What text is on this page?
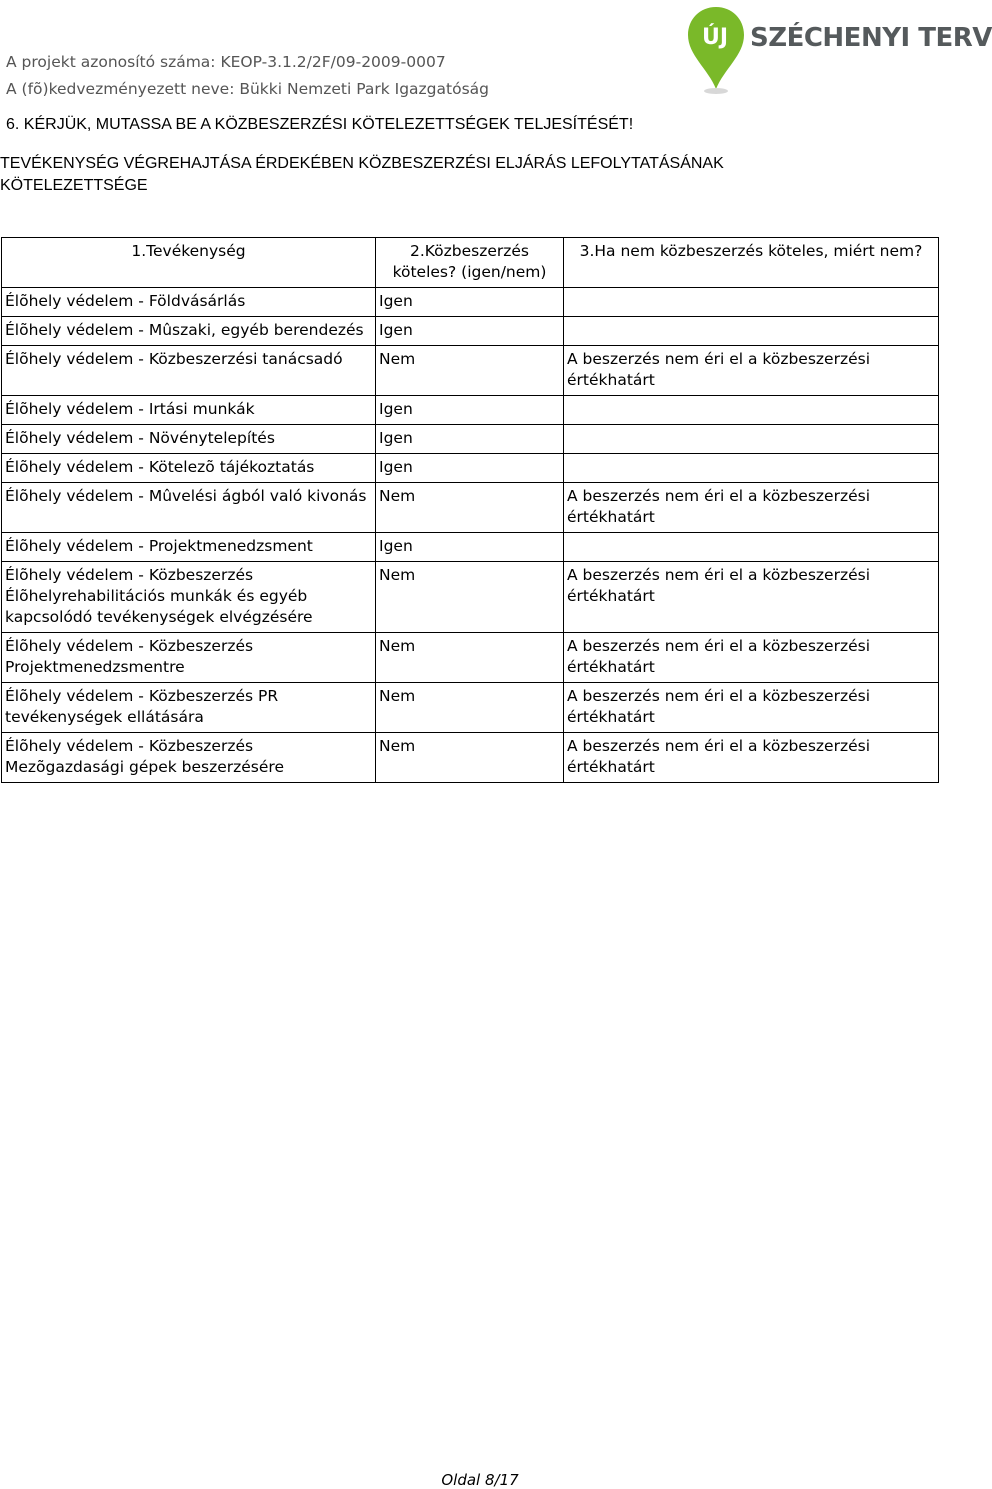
A projekt azonosító száma: KEOP-3.1.2/2F/09-2009-0007
A (fõ)kedvezményezett neve: Bükki Nemzeti Park Igazgatóság
ÚJ SZÉCHENYI TERV
6. KÉRJÜK, MUTASSA BE A KÖZBESZERZÉSI KÖTELEZETTSÉGEK TELJESÍTÉSÉT!
TEVÉKENYSÉG VÉGREHAJTÁSA ÉRDEKÉBEN KÖZBESZERZÉSI ELJÁRÁS LEFOLYTATÁSÁNAK KÖTELEZETTSÉGE
1.Tevékenység	2.Közbeszerzés köteles? (igen/nem)	3.Ha nem közbeszerzés köteles, miért nem?
Élõhely védelem - Földvásárlás	Igen	
Élõhely védelem - Mûszaki, egyéb berendezés	Igen	
Élõhely védelem - Közbeszerzési tanácsadó	Nem	A beszerzés nem éri el a közbeszerzési értékhatárt
Élõhely védelem - Irtási munkák	Igen	
Élõhely védelem - Növénytelepítés	Igen	
Élõhely védelem - Kötelezõ tájékoztatás	Igen	
Élõhely védelem - Mûvelési ágból való kivonás	Nem	A beszerzés nem éri el a közbeszerzési értékhatárt
Élõhely védelem - Projektmenedzsment	Igen	
Élõhely védelem - Közbeszerzés Élõhelyrehabilitációs munkák és egyéb kapcsolódó tevékenységek elvégzésére	Nem	A beszerzés nem éri el a közbeszerzési értékhatárt
Élõhely védelem - Közbeszerzés Projektmenedzsmentre	Nem	A beszerzés nem éri el a közbeszerzési értékhatárt
Élõhely védelem - Közbeszerzés PR tevékenységek ellátására	Nem	A beszerzés nem éri el a közbeszerzési értékhatárt
Élõhely védelem - Közbeszerzés Mezõgazdasági gépek beszerzésére	Nem	A beszerzés nem éri el a közbeszerzési értékhatárt
Oldal 8/17
